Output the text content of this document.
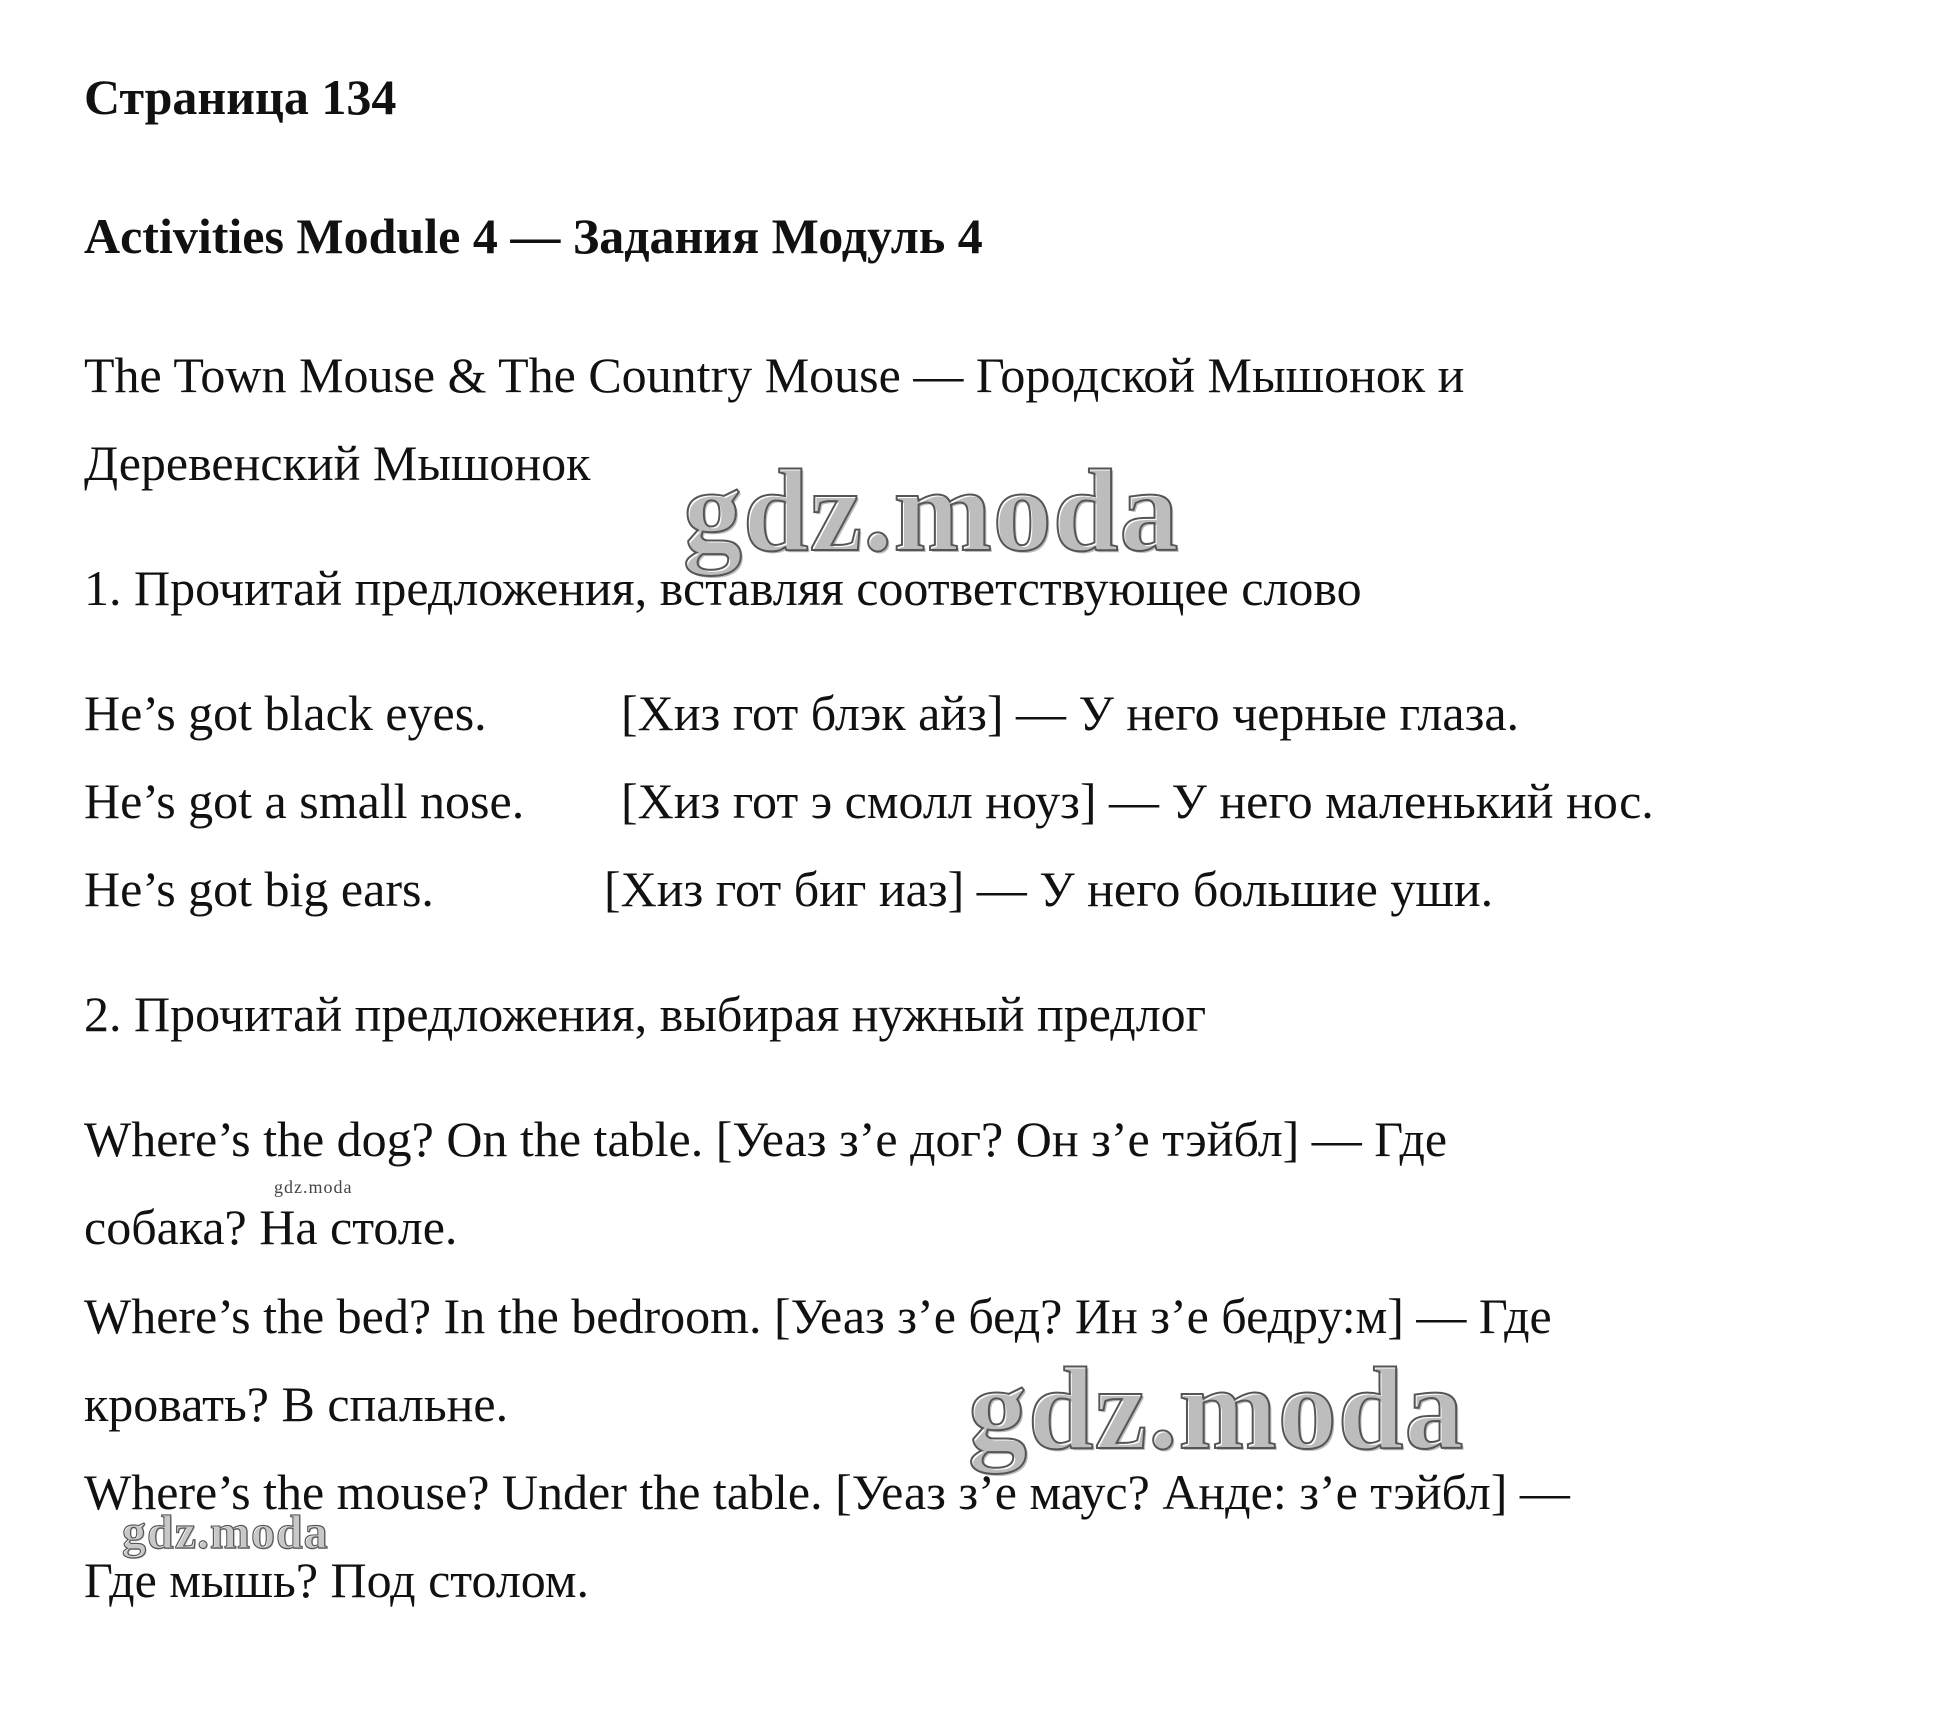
Страница 134
Activities Module 4 — Задания Модуль 4
The Town Mouse & The Country Mouse — Городской Мышонок и
Деревенский Мышонок
1. Прочитай предложения, вставляя соответствующее слово

He’s got black eyes.

	[Хиз гот блэк айз] — У него черные глаза.

He’s got a small nose.

[Хиз гот э смолл ноуз] — У него маленький нос.

He’s got big ears.

	[Хиз гот биг иаз] — У него большие уши.

2. Прочитай предложения, выбирая нужный предлог
Where’s the dog? On the table. [Уеаз з’е дог? Он з’е тэйбл] — Где
собака? На столе.
Where’s the bed? In the bedroom. [Уеаз з’е бед? Ин з’е бедру:м] — Где
кровать? В спальне.
Where’s the mouse? Under the table. [Уеаз з’е маус? Анде: з’е тэйбл] —
Где мышь? Под столом.
gdz.moda
gdz.moda
gdz.moda
gdz.moda
